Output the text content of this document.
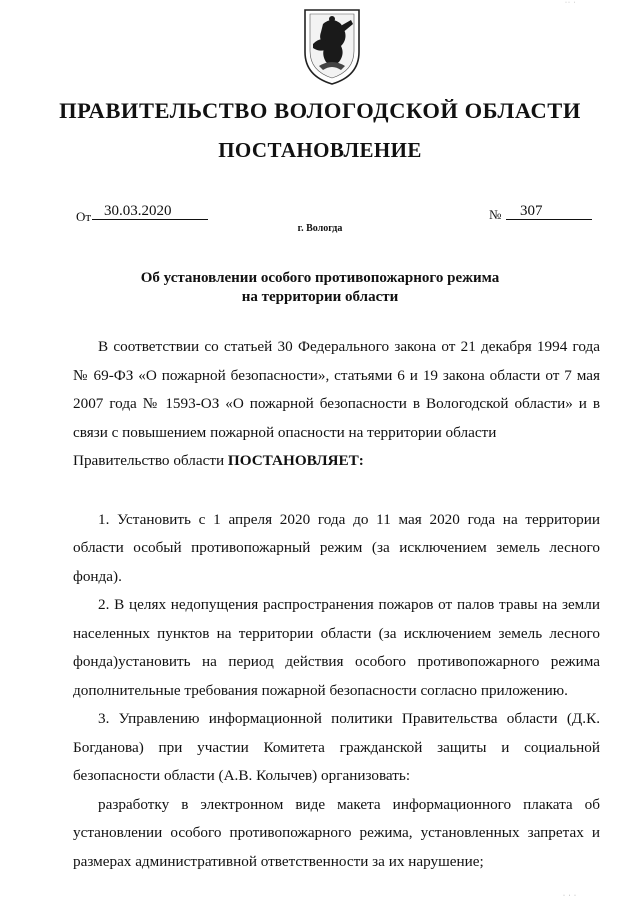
·· ·
ПРАВИТЕЛЬСТВО ВОЛОГОДСКОЙ ОБЛАСТИ
ПОСТАНОВЛЕНИЕ
От 30.03.2020	№	307
г. Вологда
Об установлении особого противопожарного режима
на территории области

В соответствии со статьей 30 Федерального закона от 21 декабря 1994 года № 69-ФЗ «О пожарной безопасности», статьями 6 и 19 закона области от 7 мая 2007 года № 1593-ОЗ «О пожарной безопасности в Вологодской области» и в связи с повышением пожарной опасности на территории области

Правительство области ПОСТАНОВЛЯЕТ:

1. Установить с 1 апреля 2020 года до 11 мая 2020 года на территории области особый противопожарный режим (за исключением земель лесного фонда).

2. В целях недопущения распространения пожаров от палов травы на земли населенных пунктов на территории области (за исключением земель лесного фонда)установить на период действия особого противопожарного режима дополнительные требования пожарной безопасности согласно приложению.

3. Управлению информационной политики Правительства области (Д.К. Богданова) при участии Комитета гражданской защиты и социальной безопасности области (А.В. Колычев) организовать:

разработку в электронном виде макета информационного плаката об установлении особого противопожарного режима, установленных запретах и размерах административной ответственности за их нарушение;

· · ·
